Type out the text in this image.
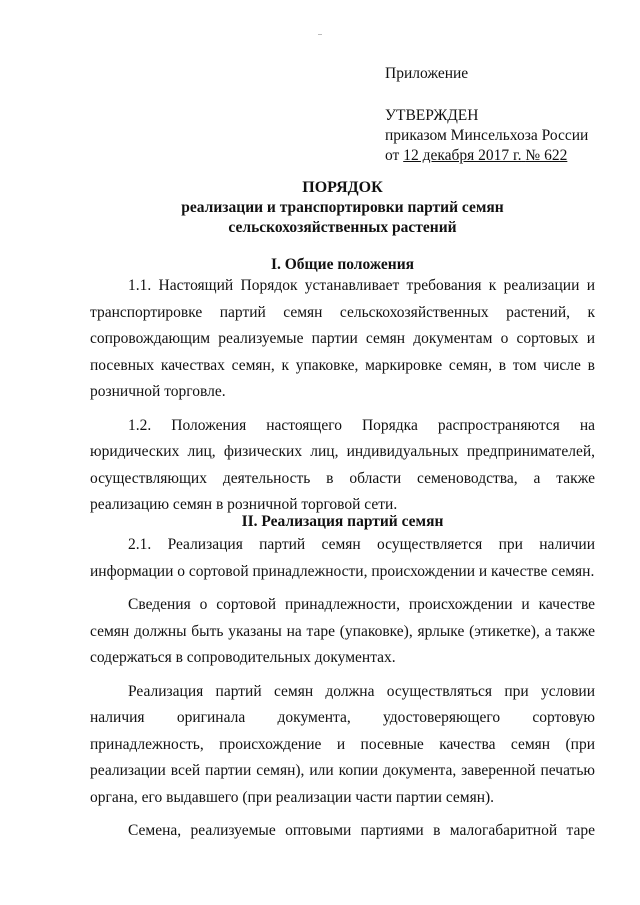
Приложение
УТВЕРЖДЕН
приказом Минсельхоза России
от 12 декабря 2017 г. № 622
ПОРЯДОК
реализации и транспортировки партий семян
сельскохозяйственных растений
I. Общие положения

1.1. Настоящий Порядок устанавливает требования к реализации и транспортировке партий семян сельскохозяйственных растений, к сопровождающим реализуемые партии семян документам о сортовых и посевных качествах семян, к упаковке, маркировке семян, в том числе в розничной торговле.

1.2. Положения настоящего Порядка распространяются на юридических лиц, физических лиц, индивидуальных предпринимателей, осуществляющих деятельность в области семеноводства, а также реализацию семян в розничной торговой сети.

II. Реализация партий семян

2.1. Реализация партий семян осуществляется при наличии информации о сортовой принадлежности, происхождении и качестве семян.

Сведения о сортовой принадлежности, происхождении и качестве семян должны быть указаны на таре (упаковке), ярлыке (этикетке), а также содержаться в сопроводительных документах.

Реализация партий семян должна осуществляться при условии наличия оригинала документа, удостоверяющего сортовую принадлежность, происхождение и посевные качества семян (при реализации всей партии семян), или копии документа, заверенной печатью органа, его выдавшего (при реализации части партии семян).

Семена, реализуемые оптовыми партиями в малогабаритной таре
